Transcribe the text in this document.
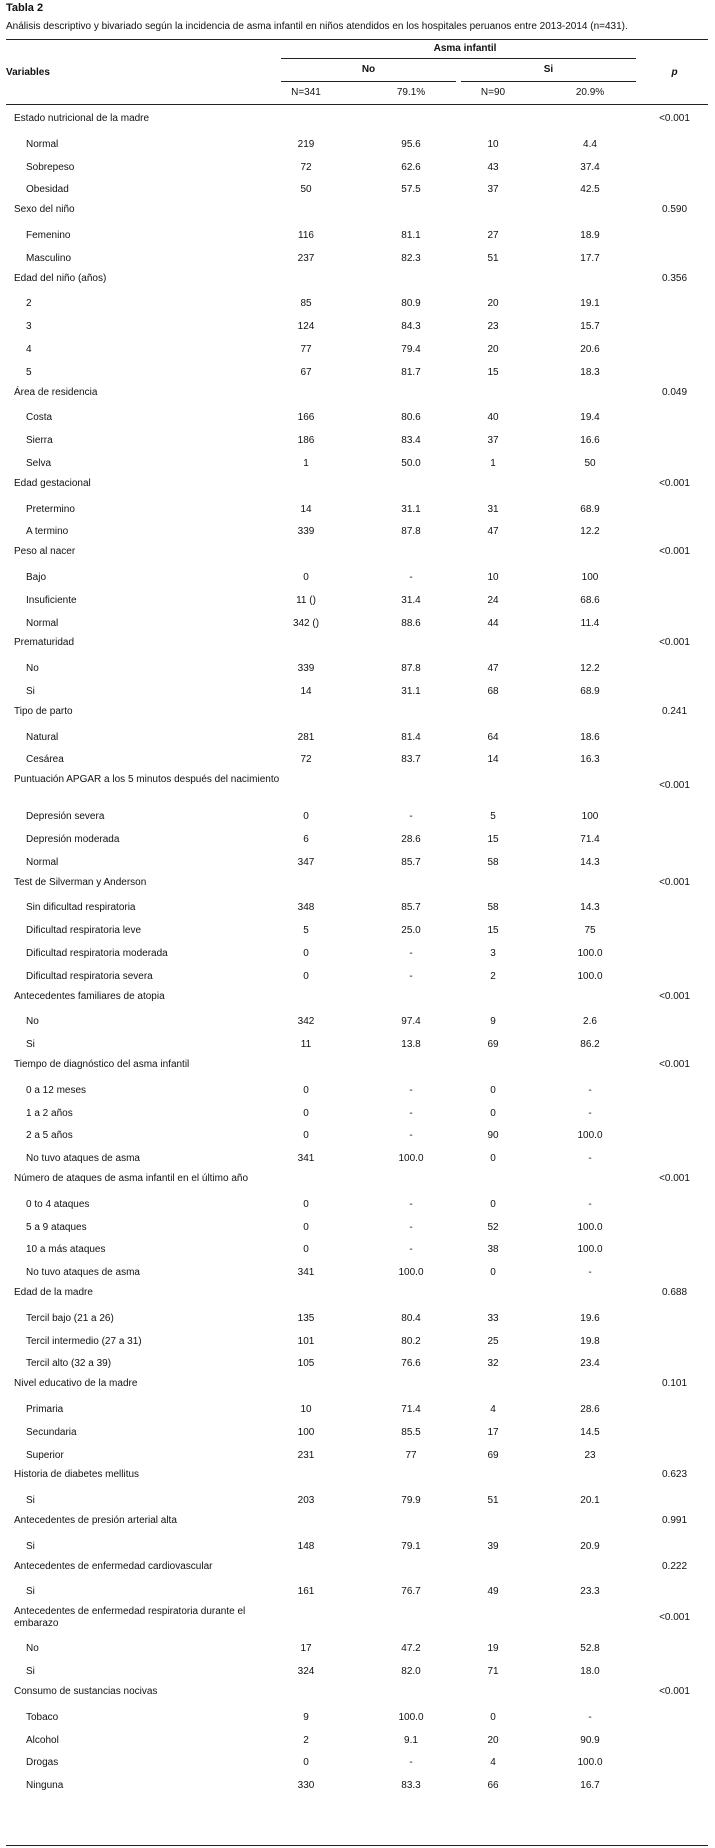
Tabla 2
Análisis descriptivo y bivariado según la incidencia de asma infantil en niños atendidos en los hospitales peruanos entre 2013-2014 (n=431).
Variables
Asma infantil
No	Si	p
N=341	79.1%	N=90	20.9%
Estado nutricional de la madre	<0.001
Normal	219	95.6	10	4.4
Sobrepeso	72	62.6	43	37.4
Obesidad	50	57.5	37	42.5
Sexo del niño	0.590
Femenino	116	81.1	27	18.9
Masculino	237	82.3	51	17.7
Edad del niño (años)	0.356
2	85	80.9	20	19.1
3	124	84.3	23	15.7
4	77	79.4	20	20.6
5	67	81.7	15	18.3
Área de residencia	0.049
Costa	166	80.6	40	19.4
Sierra	186	83.4	37	16.6
Selva	1	50.0	1	50
Edad gestacional	<0.001
Pretermino	14	31.1	31	68.9
A termino	339	87.8	47	12.2
Peso al nacer	<0.001
Bajo	0	-	10	100
Insuficiente	11 ()	31.4	24	68.6
Normal	342 ()	88.6	44	11.4
Prematuridad	<0.001
No	339	87.8	47	12.2
Si	14	31.1	68	68.9
Tipo de parto	0.241
Natural	281	81.4	64	18.6
Cesárea	72	83.7	14	16.3
Puntuación APGAR a los 5 minutos después del nacimiento
<0.001
Depresión severa	0	-	5	100
Depresión moderada	6	28.6	15	71.4
Normal	347	85.7	58	14.3
Test de Silverman y Anderson	<0.001
Sin dificultad respiratoria	348	85.7	58	14.3
Dificultad respiratoria leve	5	25.0	15	75
Dificultad respiratoria moderada	0	-	3	100.0
Dificultad respiratoria severa	0	-	2	100.0
Antecedentes familiares de atopia	<0.001
No	342	97.4	9	2.6
Si	11	13.8	69	86.2
Tiempo de diagnóstico del asma infantil	<0.001
0 a 12 meses	0	-	0	-
1 a 2 años	0	-	0	-
2 a 5 años	0	-	90	100.0
No tuvo ataques de asma	341	100.0	0	-
Número de ataques de asma infantil en el último año	<0.001
0 to 4 ataques	0	-	0	-
5 a 9 ataques	0	-	52	100.0
10 a más ataques	0	-	38	100.0
No tuvo ataques de asma	341	100.0	0	-
Edad de la madre	0.688
Tercil bajo (21 a 26)	135	80.4	33	19.6
Tercil intermedio (27 a 31)	101	80.2	25	19.8
Tercil alto (32 a 39)	105	76.6	32	23.4
Nivel educativo de la madre	0.101
Primaria	10	71.4	4	28.6
Secundaria	100	85.5	17	14.5
Superior	231	77	69	23
Historia de diabetes mellitus	0.623
Si	203	79.9	51	20.1
Antecedentes de presión arterial alta	0.991
Si	148	79.1	39	20.9
Antecedentes de enfermedad cardiovascular	0.222
Si	161	76.7	49	23.3
Antecedentes de enfermedad respiratoria durante el embarazo
<0.001
No	17	47.2	19	52.8
Si	324	82.0	71	18.0
Consumo de sustancias nocivas	<0.001
Tobaco	9	100.0	0	-
Alcohol	2	9.1	20	90.9
Drogas	0	-	4	100.0
Ninguna	330	83.3	66	16.7
